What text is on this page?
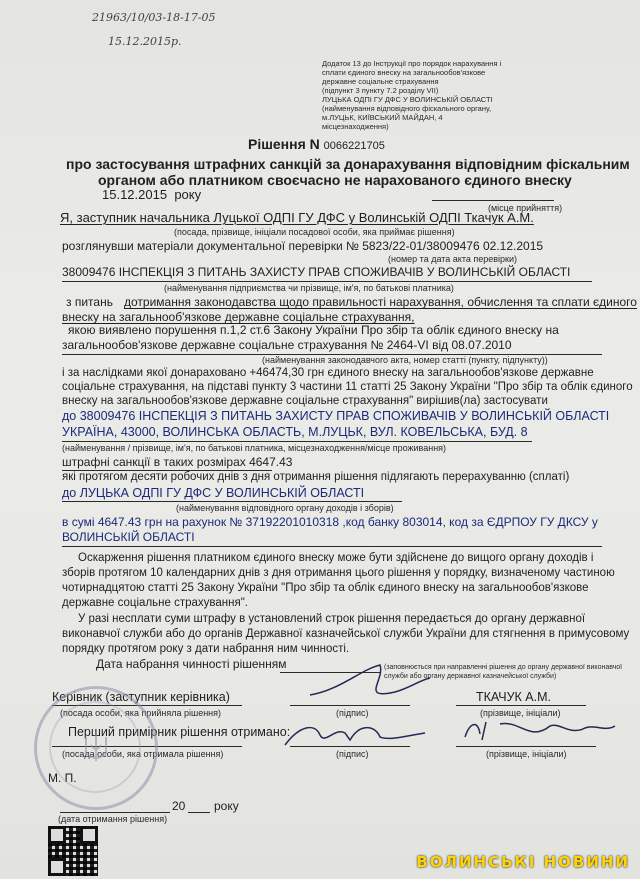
21963/10/03-18-17-05
15.12.2015р.
Додаток 13 до Інструкції про порядок нарахування і
сплати єдиного внеску на загальнообов'язкове
державне соціальне страхування
(підпункт 3 пункту 7.2 розділу VII)
ЛУЦЬКА ОДПІ ГУ ДФС У ВОЛИНСЬКІЙ ОБЛАСТІ
(найменування відповідного фіскального органу,
м.ЛУЦЬК, КИЇВСЬКИЙ МАЙДАН, 4
місцезнаходження)
Рішення N 0066221705
про застосування штрафних санкцій за донарахування відповідним фіскальним
органом або платником своєчасно не нарахованого єдиного внеску
15.12.2015 року
(місце прийняття)
Я, заступник начальника Луцької ОДПІ ГУ ДФС у Волинській ОДПІ Ткачук А.М.
(посада, прізвище, ініціали посадової особи, яка приймає рішення)
розглянувши матеріали документальної перевірки № 5823/22-01/38009476 02.12.2015
(номер та дата акта перевірки)
38009476 ІНСПЕКЦІЯ З ПИТАНЬ ЗАХИСТУ ПРАВ СПОЖИВАЧІВ У ВОЛИНСЬКІЙ ОБЛАСТІ
(найменування підприємства чи прізвище, ім'я, по батькові платника)
з питань дотримання законодавства щодо правильності нарахування, обчислення та сплати єдиного
внеску на загальнооб'язкове державне соціальне страхування,
якою виявлено порушення п.1,2 ст.6 Закону України Про збір та облік єдиного внеску на
загальнообов'язкове державне соціальне страхування № 2464-VI від 08.07.2010
(найменування законодавчого акта, номер статті (пункту, підпункту))
і за наслідками якої донараховано +46474,30 грн єдиного внеску на загальнообов'язкове державне
соціальне страхування, на підставі пункту 3 частини 11 статті 25 Закону України "Про збір та облік єдиного
внеску на загальнообов'язкове державне соціальне страхування" вирішив(ла) застосувати
до 38009476 ІНСПЕКЦІЯ З ПИТАНЬ ЗАХИСТУ ПРАВ СПОЖИВАЧІВ У ВОЛИНСЬКІЙ ОБЛАСТІ
УКРАЇНА, 43000, ВОЛИНСЬКА ОБЛАСТЬ, М.ЛУЦЬК, ВУЛ. КОВЕЛЬСЬКА, БУД. 8
(найменування / прізвище, ім'я, по батькові платника, місцезнаходження/місце проживання)
штрафні санкції в таких розмірах 4647.43
які протягом десяти робочих днів з дня отримання рішення підлягають перерахуванню (сплаті)
до ЛУЦЬКА ОДПІ ГУ ДФС У ВОЛИНСЬКІЙ ОБЛАСТІ
(найменування відповідного органу доходів і зборів)
в сумі 4647.43 грн на рахунок № 37192201010318 ,код банку 803014, код за ЄДРПОУ ГУ ДКСУ у
ВОЛИНСЬКІЙ ОБЛАСТІ
Оскарження рішення платником єдиного внеску може бути здійснене до вищого органу доходів і
зборів протягом 10 календарних днів з дня отримання цього рішення у порядку, визначеному частиною
чотирнадцятою статті 25 Закону України "Про збір та облік єдиного внеску на загальнообов'язкове
державне соціальне страхування".
У разі несплати суми штрафу в установлений строк рішення передається до органу державної
виконавчої служби або до органів Державної казначейської служби України для стягнення в примусовому
порядку протягом року з дати набрання ним чинності.
Дата набрання чинності рішенням	(заповнюється при направленні рішення до органу державної виконавчої
служби або органу державної казначейської служби)
Керівник (заступник керівника)
(посада особи, яка прийняла рішення)	(підпис)
ТКАЧУК А.М.
(прізвище, ініціали)
Перший примірник рішення отримано:
(посада особи, яка отримала рішення)	(підпис)	(прізвище, ініціали)
М. П.
20 року
(дата отримання рішення)
ВОЛИНСЬКІ НОВИНИ
